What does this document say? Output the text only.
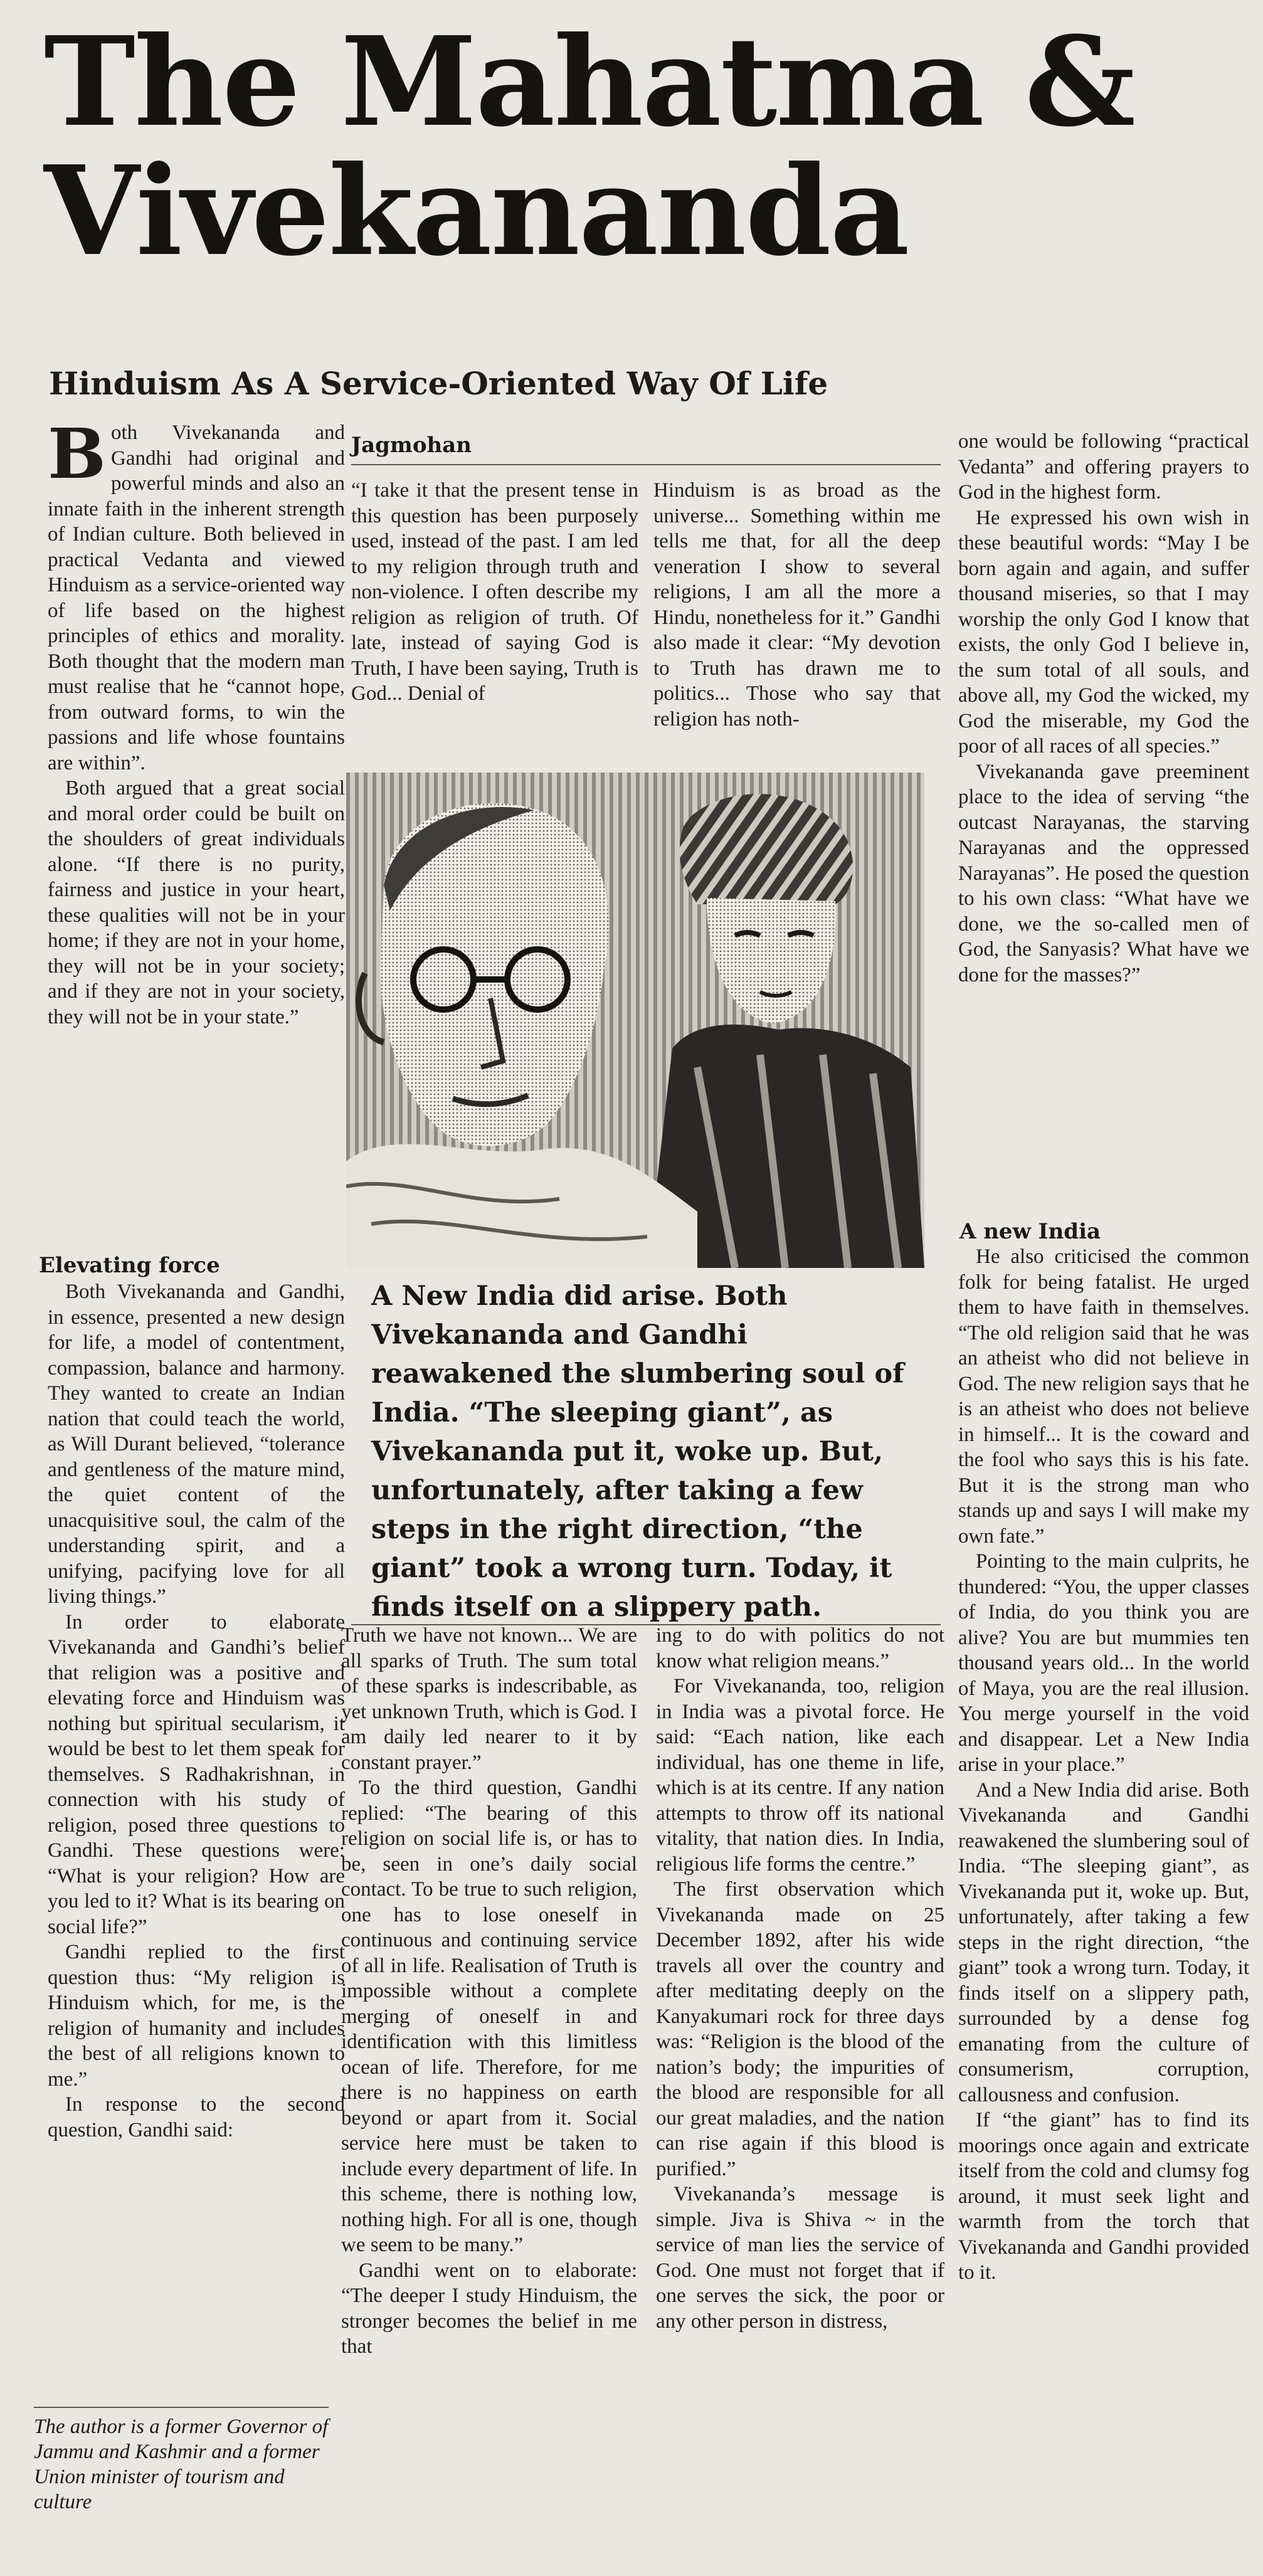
The Mahatma &
Vivekananda
Hinduism As A Service-Oriented Way Of Life

Both Vivekananda and Gandhi had original and powerful minds and also an innate faith in the inherent strength of Indian culture. Both believed in practical Vedanta and viewed Hinduism as a service-oriented way of life based on the highest principles of ethics and morality. Both thought that the modern man must realise that he “cannot hope, from outward forms, to win the passions and life whose fountains are within”.

Both argued that a great social and moral order could be built on the shoulders of great individuals alone. “If there is no purity, fairness and justice in your heart, these qualities will not be in your home; if they are not in your home, they will not be in your society; and if they are not in your society, they will not be in your state.”

Elevating force

Both Vivekananda and Gandhi, in essence, presented a new design for life, a model of contentment, compassion, balance and harmony. They wanted to create an Indian nation that could teach the world, as Will Durant believed, “tolerance and gentleness of the mature mind, the quiet content of the unacquisitive soul, the calm of the understanding spirit, and a unifying, pacifying love for all living things.”

In order to elaborate Vivekananda and Gandhi’s belief that religion was a positive and elevating force and Hinduism was nothing but spiritual secularism, it would be best to let them speak for themselves. S Radhakrishnan, in connection with his study of religion, posed three questions to Gandhi. These questions were: “What is your religion? How are you led to it? What is its bearing on social life?”

Gandhi replied to the first question thus: “My religion is Hinduism which, for me, is the religion of humanity and includes the best of all religions known to me.”

In response to the second question, Gandhi said:

The author is a former Governor of Jammu and Kashmir and a former Union minister of tourism and culture
Jagmohan

“I take it that the present tense in this question has been purposely used, instead of the past. I am led to my religion through truth and non-violence. I often describe my religion as religion of truth. Of late, instead of saying God is Truth, I have been saying, Truth is God... Denial of

Hinduism is as broad as the universe... Something within me tells me that, for all the deep veneration I show to several religions, I am all the more a Hindu, nonetheless for it.” Gandhi also made it clear: “My devotion to Truth has drawn me to politics... Those who say that religion has noth-

A New India did arise. Both Vivekananda and Gandhi reawakened the slumbering soul of India. “The sleeping giant”, as Vivekananda put it, woke up. But, unfortunately, after taking a few steps in the right direction, “the giant” took a wrong turn. Today, it finds itself on a slippery path.

Truth we have not known... We are all sparks of Truth. The sum total of these sparks is indescribable, as yet unknown Truth, which is God. I am daily led nearer to it by constant prayer.”

To the third question, Gandhi replied: “The bearing of this religion on social life is, or has to be, seen in one’s daily social contact. To be true to such religion, one has to lose oneself in continuous and continuing service of all in life. Realisation of Truth is impossible without a complete merging of oneself in and identification with this limitless ocean of life. Therefore, for me there is no happiness on earth beyond or apart from it. Social service here must be taken to include every department of life. In this scheme, there is nothing low, nothing high. For all is one, though we seem to be many.”

Gandhi went on to elaborate: “The deeper I study Hinduism, the stronger becomes the belief in me that

ing to do with politics do not know what religion means.”

For Vivekananda, too, religion in India was a pivotal force. He said: “Each nation, like each individual, has one theme in life, which is at its centre. If any nation attempts to throw off its national vitality, that nation dies. In India, religious life forms the centre.”

The first observation which Vivekananda made on 25 December 1892, after his wide travels all over the country and after meditating deeply on the Kanyakumari rock for three days was: “Religion is the blood of the nation’s body; the impurities of the blood are responsible for all our great maladies, and the nation can rise again if this blood is purified.”

Vivekananda’s message is simple. Jiva is Shiva ~ in the service of man lies the service of God. One must not forget that if one serves the sick, the poor or any other person in distress,

one would be following “practical Vedanta” and offering prayers to God in the highest form.

He expressed his own wish in these beautiful words: “May I be born again and again, and suffer thousand miseries, so that I may worship the only God I know that exists, the only God I believe in, the sum total of all souls, and above all, my God the wicked, my God the miserable, my God the poor of all races of all species.”

Vivekananda gave preeminent place to the idea of serving “the outcast Narayanas, the starving Narayanas and the oppressed Narayanas”. He posed the question to his own class: “What have we done, we the so-called men of God, the Sanyasis? What have we done for the masses?”

A new India

He also criticised the common folk for being fatalist. He urged them to have faith in themselves. “The old religion said that he was an atheist who did not believe in God. The new religion says that he is an atheist who does not believe in himself... It is the coward and the fool who says this is his fate. But it is the strong man who stands up and says I will make my own fate.”

Pointing to the main culprits, he thundered: “You, the upper classes of India, do you think you are alive? You are but mummies ten thousand years old... In the world of Maya, you are the real illusion. You merge yourself in the void and disappear. Let a New India arise in your place.”

And a New India did arise. Both Vivekananda and Gandhi reawakened the slumbering soul of India. “The sleeping giant”, as Vivekananda put it, woke up. But, unfortunately, after taking a few steps in the right direction, “the giant” took a wrong turn. Today, it finds itself on a slippery path, surrounded by a dense fog emanating from the culture of consumerism, corruption, callousness and confusion.

If “the giant” has to find its moorings once again and extricate itself from the cold and clumsy fog around, it must seek light and warmth from the torch that Vivekananda and Gandhi provided to it.
